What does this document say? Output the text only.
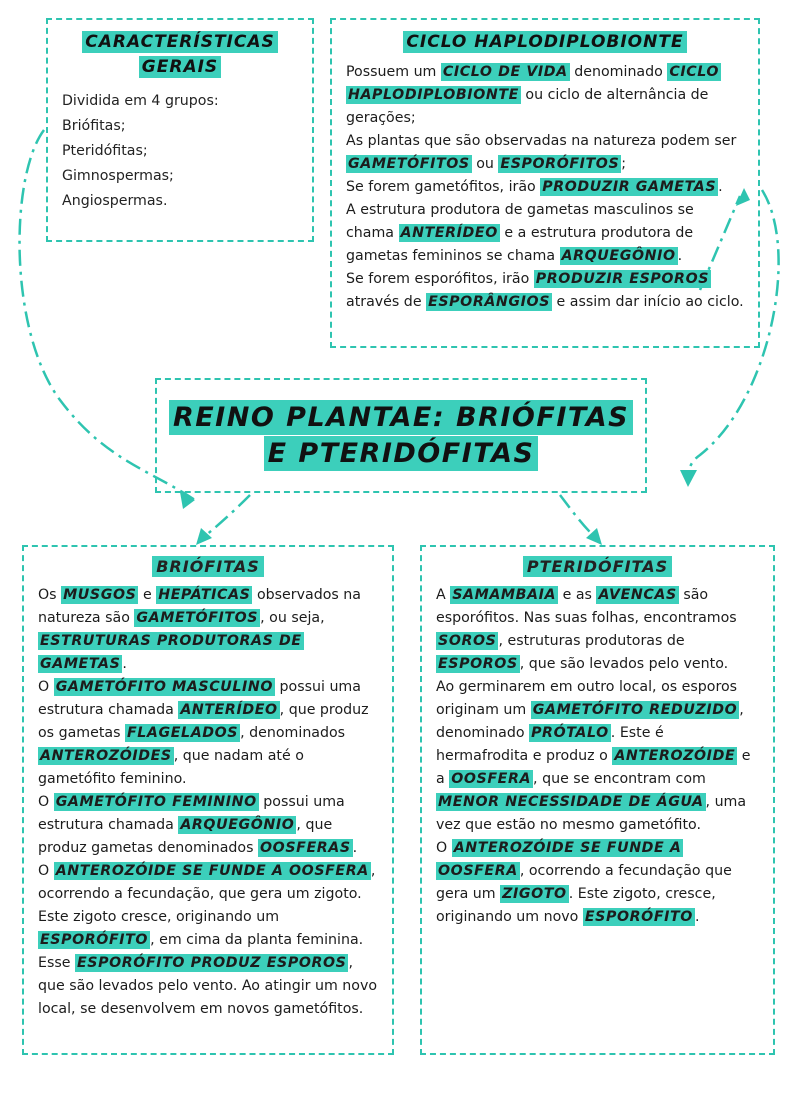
CARACTERÍSTICAS
GERAIS
Dividida em 4 grupos:
Briófitas;
Pteridófitas;
Gimnospermas;
Angiospermas.
CICLO HAPLODIPLOBIONTE

Possuem um CICLO DE VIDA denominado CICLO HAPLODIPLOBIONTE ou ciclo de alternância de gerações;

As plantas que são observadas na natureza podem ser GAMETÓFITOS ou ESPORÓFITOS ;

Se forem gametófitos, irão PRODUZIR GAMETAS .

A estrutura produtora de gametas masculinos se chama ANTERÍDEO e a estrutura produtora de gametas femininos se chama ARQUEGÔNIO .

Se forem esporófitos, irão PRODUZIR ESPOROS através de ESPORÂNGIOS e assim dar início ao ciclo.

REINO PLANTAE: BRIÓFITAS
E PTERIDÓFITAS
BRIÓFITAS

Os MUSGOS e HEPÁTICAS observados na natureza são GAMETÓFITOS , ou seja, ESTRUTURAS PRODUTORAS DE GAMETAS .

O GAMETÓFITO MASCULINO possui uma estrutura chamada ANTERÍDEO , que produz os gametas FLAGELADOS , denominados ANTEROZÓIDES , que nadam até o gametófito feminino.

O GAMETÓFITO FEMININO possui uma estrutura chamada ARQUEGÔNIO , que produz gametas denominados OOSFERAS .

O ANTEROZÓIDE SE FUNDE A OOSFERA , ocorrendo a fecundação, que gera um zigoto. Este zigoto cresce, originando um ESPORÓFITO , em cima da planta feminina.

Esse ESPORÓFITO PRODUZ ESPOROS , que são levados pelo vento. Ao atingir um novo local, se desenvolvem em novos gametófitos.

PTERIDÓFITAS

A SAMAMBAIA e as AVENCAS são esporófitos. Nas suas folhas, encontramos SOROS , estruturas produtoras de ESPOROS , que são levados pelo vento.

Ao germinarem em outro local, os esporos originam um GAMETÓFITO REDUZIDO , denominado PRÓTALO . Este é hermafrodita e produz o ANTEROZÓIDE e a OOSFERA , que se encontram com MENOR NECESSIDADE DE ÁGUA , uma vez que estão no mesmo gametófito.

O ANTEROZÓIDE SE FUNDE A OOSFERA , ocorrendo a fecundação que gera um ZIGOTO . Este zigoto, cresce, originando um novo ESPORÓFITO .
